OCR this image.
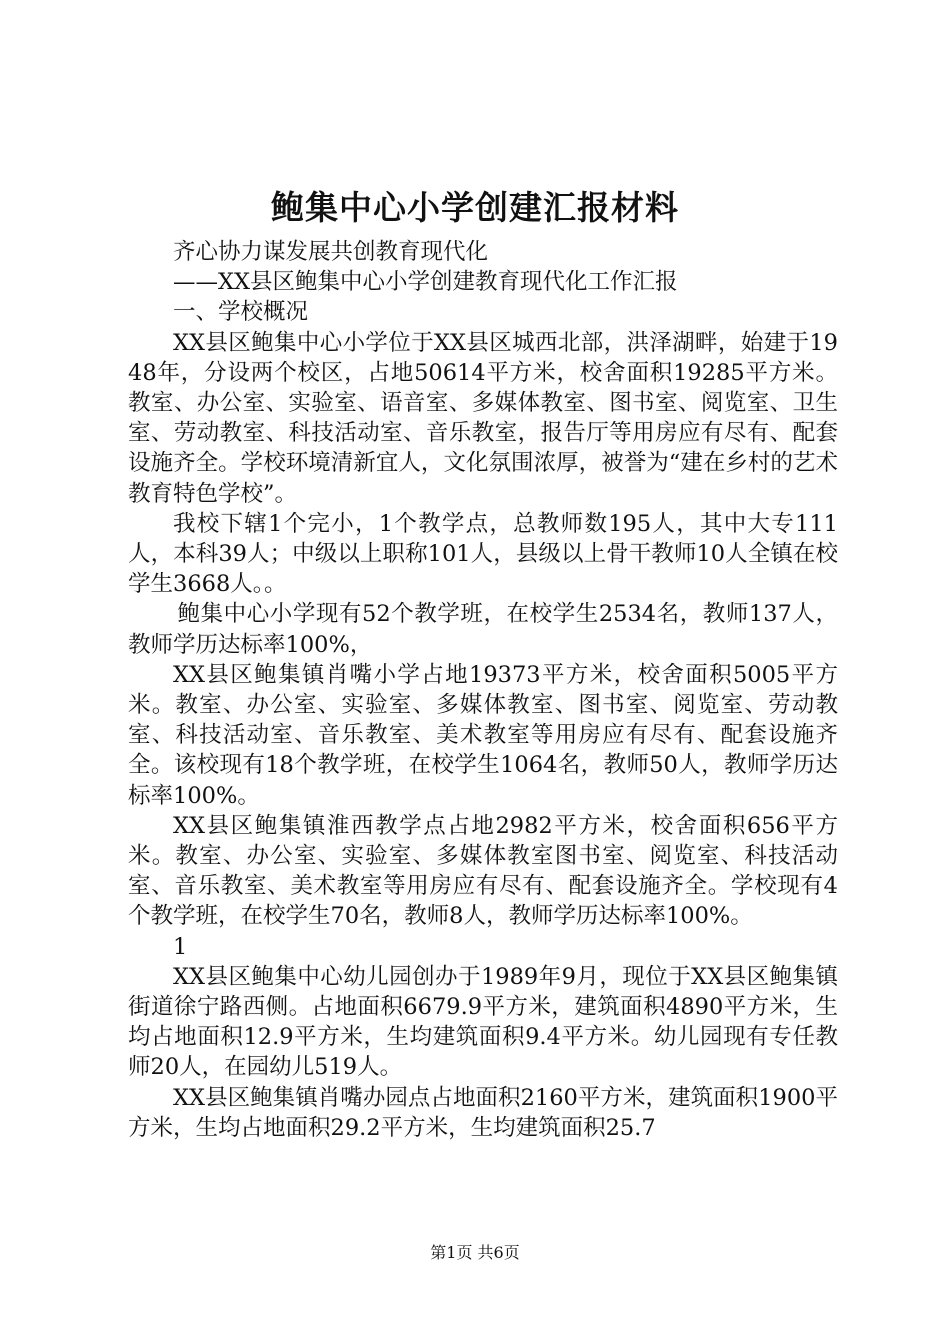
鲍集中心小学创建汇报材料

齐心协力谋发展共创教育现代化

——XX县区鲍集中心小学创建教育现代化工作汇报

一、学校概况

XX县区鲍集中心小学位于XX县区城西北部，洪泽湖畔，始建于1948年，分设两个校区，占地50614平方米，校舍面积19285平方米。教室、办公室、实验室、语音室、多媒体教室、图书室、阅览室、卫生室、劳动教室、科技活动室、音乐教室，报告厅等用房应有尽有、配套设施齐全。学校环境清新宜人，文化氛围浓厚，被誉为“建在乡村的艺术教育特色学校”。

我校下辖1个完小，1个教学点，总教师数195人，其中大专111人，本科39人；中级以上职称101人，县级以上骨干教师10人全镇在校学生3668人。。

鲍集中心小学现有52个教学班，在校学生2534名，教师137人，教师学历达标率100%，

XX县区鲍集镇肖嘴小学占地19373平方米，校舍面积5005平方米。教室、办公室、实验室、多媒体教室、图书室、阅览室、劳动教室、科技活动室、音乐教室、美术教室等用房应有尽有、配套设施齐全。该校现有18个教学班，在校学生1064名，教师50人，教师学历达标率100%。

XX县区鲍集镇淮西教学点占地2982平方米，校舍面积656平方米。教室、办公室、实验室、多媒体教室图书室、阅览室、科技活动室、音乐教室、美术教室等用房应有尽有、配套设施齐全。学校现有4个教学班，在校学生70名，教师8人，教师学历达标率100%。

1

XX县区鲍集中心幼儿园创办于1989年9月，现位于XX县区鲍集镇街道徐宁路西侧。占地面积6679.9平方米，建筑面积4890平方米，生均占地面积12.9平方米，生均建筑面积9.4平方米。幼儿园现有专任教师20人，在园幼儿519人。

XX县区鲍集镇肖嘴办园点占地面积2160平方米，建筑面积1900平方米，生均占地面积29.2平方米，生均建筑面积25.7

第1页 共6页
